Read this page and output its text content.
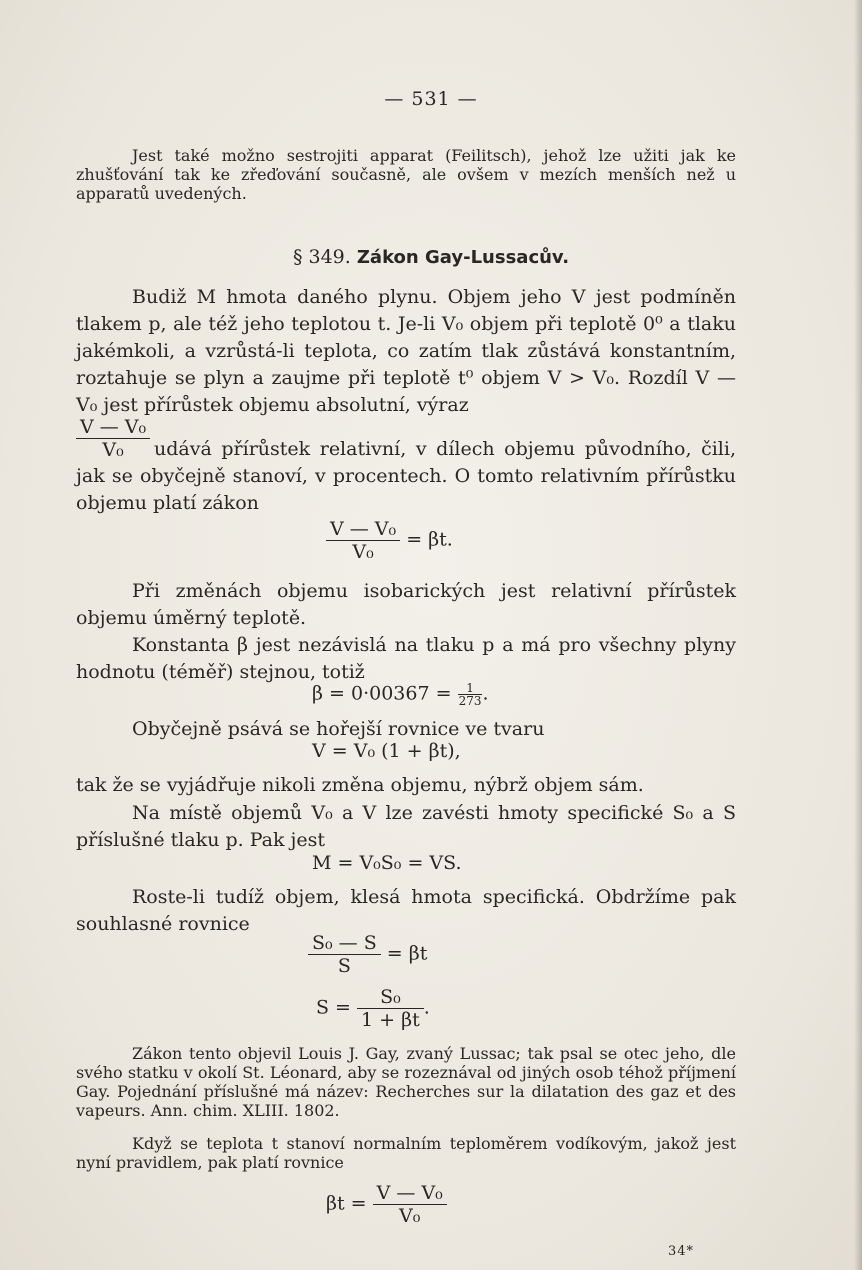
— 531 —

Jest také možno sestrojiti apparat (Feilitsch), jehož lze užiti jak ke zhušťování tak ke zřeďování současně, ale ovšem v mezích menších než u apparatů uvedených.

§ 349. Zákon Gay-Lussacův.

Budiž M hmota daného plynu. Objem jeho V jest podmíněn tlakem p, ale též jeho teplotou t. Je-li V₀ objem při teplotě 0⁰ a tlaku jakémkoli, a vzrůstá-li teplota, co zatím tlak zůstává konstantním, roztahuje se plyn a zaujme při teplotě t⁰ objem V > V₀. Rozdíl V — V₀ jest přírůstek objemu absolutní, výraz

$\frac{\text{V — V₀}}{\text{V₀}}$ udává přírůstek relativní, v dílech objemu původního, čili, jak se obyčejně stanoví, v procentech. O tomto relativním přírůstku objemu platí zákon

$\frac{\text{V — V₀}}{\text{V₀}} = \beta t$.

Při změnách objemu isobarických jest relativní přírůstek objemu úměrný teplotě.

Konstanta β jest nezávislá na tlaku p a má pro všechny plyny hodnotu (téměř) stejnou, totiž

$\beta = 0\cdot 00367 = \frac{1}{273}$ .

Obyčejně psává se hořejší rovnice ve tvaru

V = V₀ (1 + βt),

tak že se vyjádřuje nikoli změna objemu, nýbrž objem sám.

Na místě objemů V₀ a V lze zavésti hmoty specifické S₀ a S příslušné tlaku p. Pak jest

M = V₀S₀ = VS.

Roste-li tudíž objem, klesá hmota specifická. Obdržíme pak souhlasné rovnice

$\frac{\text{S₀ — S}}{S} = \beta t$
$S = \frac{\text{S₀}}{1 + \beta t}$ .

Zákon tento objevil Louis J. Gay, zvaný Lussac; tak psal se otec jeho, dle svého statku v okolí St. Léonard, aby se rozeznával od jiných osob téhož příjmení Gay. Pojednání příslušné má název: Recherches sur la dilatation des gaz et des vapeurs. Ann. chim. XLIII. 1802.

Když se teplota t stanoví normalním teploměrem vodíkovým, jakož jest nyní pravidlem, pak platí rovnice

$\beta t = \frac{\text{V — V₀}}{\text{V₀}}$
34*
